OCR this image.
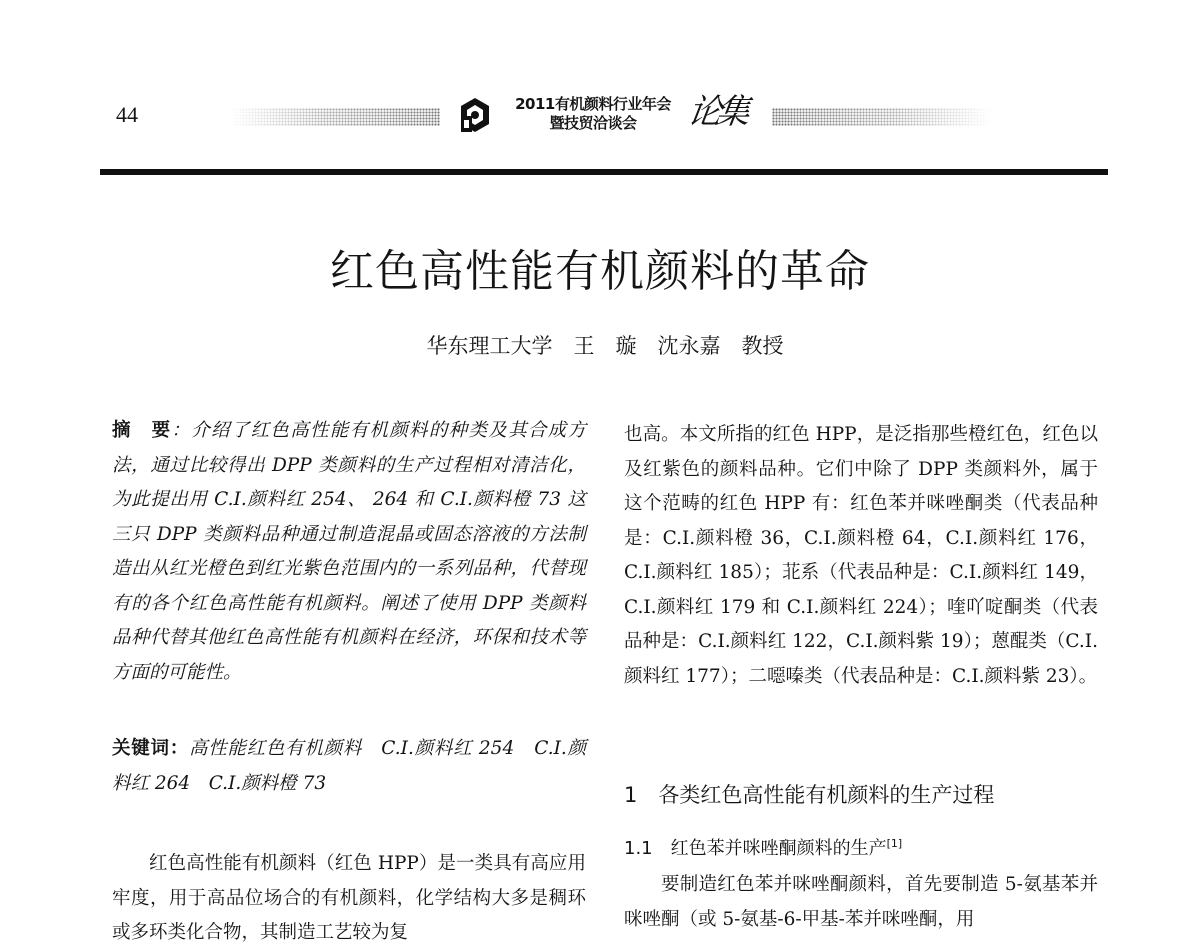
44	2011有机颜料行业年会
暨技贸洽谈会	论集
红色高性能有机颜料的革命
华东理工大学　王　璇　沈永嘉　教授

摘　要：介绍了红色高性能有机颜料的种类及其合成方法，通过比较得出 DPP 类颜料的生产过程相对清洁化，为此提出用 C.I.颜料红 254、 264 和 C.I.颜料橙 73 这三只 DPP 类颜料品种通过制造混晶或固态溶液的方法制造出从红光橙色到红光紫色范围内的一系列品种，代替现有的各个红色高性能有机颜料。阐述了使用 DPP 类颜料品种代替其他红色高性能有机颜料在经济，环保和技术等方面的可能性。

关键词：高性能红色有机颜料　C.I.颜料红 254　C.I.颜料红 264　C.I.颜料橙 73

红色高性能有机颜料（红色 HPP）是一类具有高应用牢度，用于高品位场合的有机颜料，化学结构大多是稠环或多环类化合物，其制造工艺较为复

也高。本文所指的红色 HPP，是泛指那些橙红色，红色以及红紫色的颜料品种。它们中除了 DPP 类颜料外，属于这个范畴的红色 HPP 有：红色苯并咪唑酮类（代表品种是：C.I.颜料橙 36，C.I.颜料橙 64，C.I.颜料红 176，C.I.颜料红 185）；苝系（代表品种是：C.I.颜料红 149，C.I.颜料红 179 和 C.I.颜料红 224）；喹吖啶酮类（代表品种是：C.I.颜料红 122，C.I.颜料紫 19）；蒽醌类（C.I.颜料红 177）；二噁嗪类（代表品种是：C.I.颜料紫 23）。

1　 各类红色高性能有机颜料的生产过程
1.1　 红色苯并咪唑酮颜料的生产[1]

要制造红色苯并咪唑酮颜料，首先要制造 5-氨基苯并咪唑酮（或 5-氨基-6-甲基-苯并咪唑酮，用
